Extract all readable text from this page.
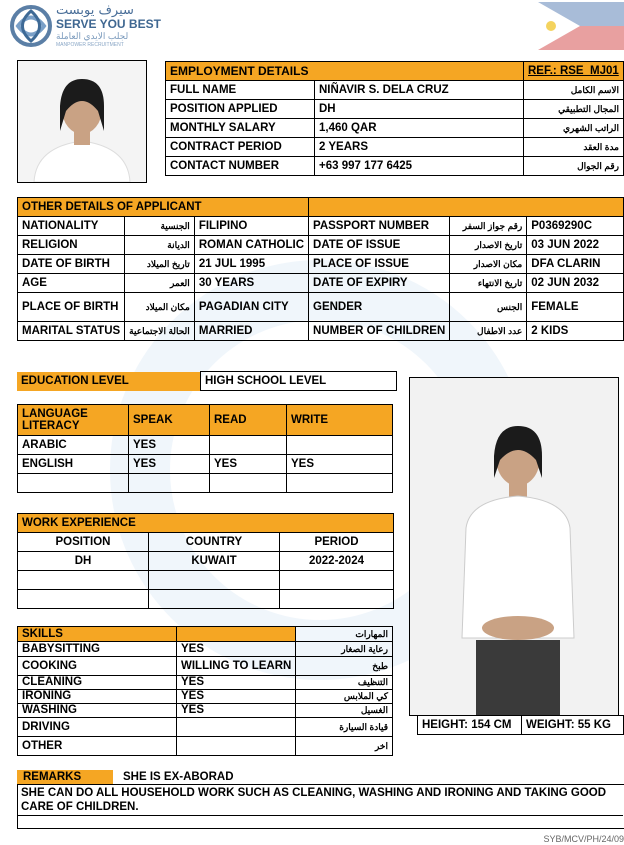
سيرف يوبست
SERVE YOU BEST
لجلب الايدي العاملة
MANPOWER RECRUITMENT
EMPLOYMENT DETAILS		REF.: RSE_MJ01
FULL NAME	NIÑAVIR S. DELA CRUZ	الاسم الكامل
POSITION APPLIED	DH	المجال التطبيقي
MONTHLY SALARY	1,460 QAR	الراتب الشهري
CONTRACT PERIOD	2 YEARS	مدة العقد
CONTACT NUMBER	+63 997 177 6425	رقم الجوال
OTHER DETAILS OF APPLICANT					
NATIONALITY	الجنسية	FILIPINO	PASSPORT NUMBER	رقم جواز السفر	P0369290C
RELIGION	الديانة	ROMAN CATHOLIC	DATE OF ISSUE	تاريخ الاصدار	03 JUN 2022
DATE OF BIRTH	تاريخ الميلاد	21 JUL 1995	PLACE OF ISSUE	مكان الاصدار	DFA CLARIN
AGE	العمر	30 YEARS	DATE OF EXPIRY	تاريخ الانتهاء	02 JUN 2032
PLACE OF BIRTH	مكان الميلاد	PAGADIAN CITY	GENDER	الجنس	FEMALE
MARITAL STATUS	الحالة الاجتماعية	MARRIED	NUMBER OF CHILDREN	عدد الاطفال	2 KIDS
EDUCATION LEVEL	HIGH SCHOOL LEVEL
LANGUAGE LITERACY	SPEAK	READ	WRITE
ARABIC	YES		
ENGLISH	YES	YES	YES

WORK EXPERIENCE		
POSITION	COUNTRY	PERIOD
DH	KUWAIT	2022-2024

SKILLS		المهارات
BABYSITTING	YES	رعاية الصغار
COOKING	WILLING TO LEARN	طبخ
CLEANING	YES	التنظيف
IRONING	YES	كي الملابس
WASHING	YES	الغسيل
DRIVING		قيادة السيارة
OTHER		اخر
HEIGHT: 154 CM	WEIGHT: 55 KG
REMARKS	SHE IS EX-ABORAD
SHE CAN DO ALL HOUSEHOLD WORK SUCH AS CLEANING, WASHING AND IRONING AND TAKING GOOD CARE OF CHILDREN.
SYB/MCV/PH/24/09
